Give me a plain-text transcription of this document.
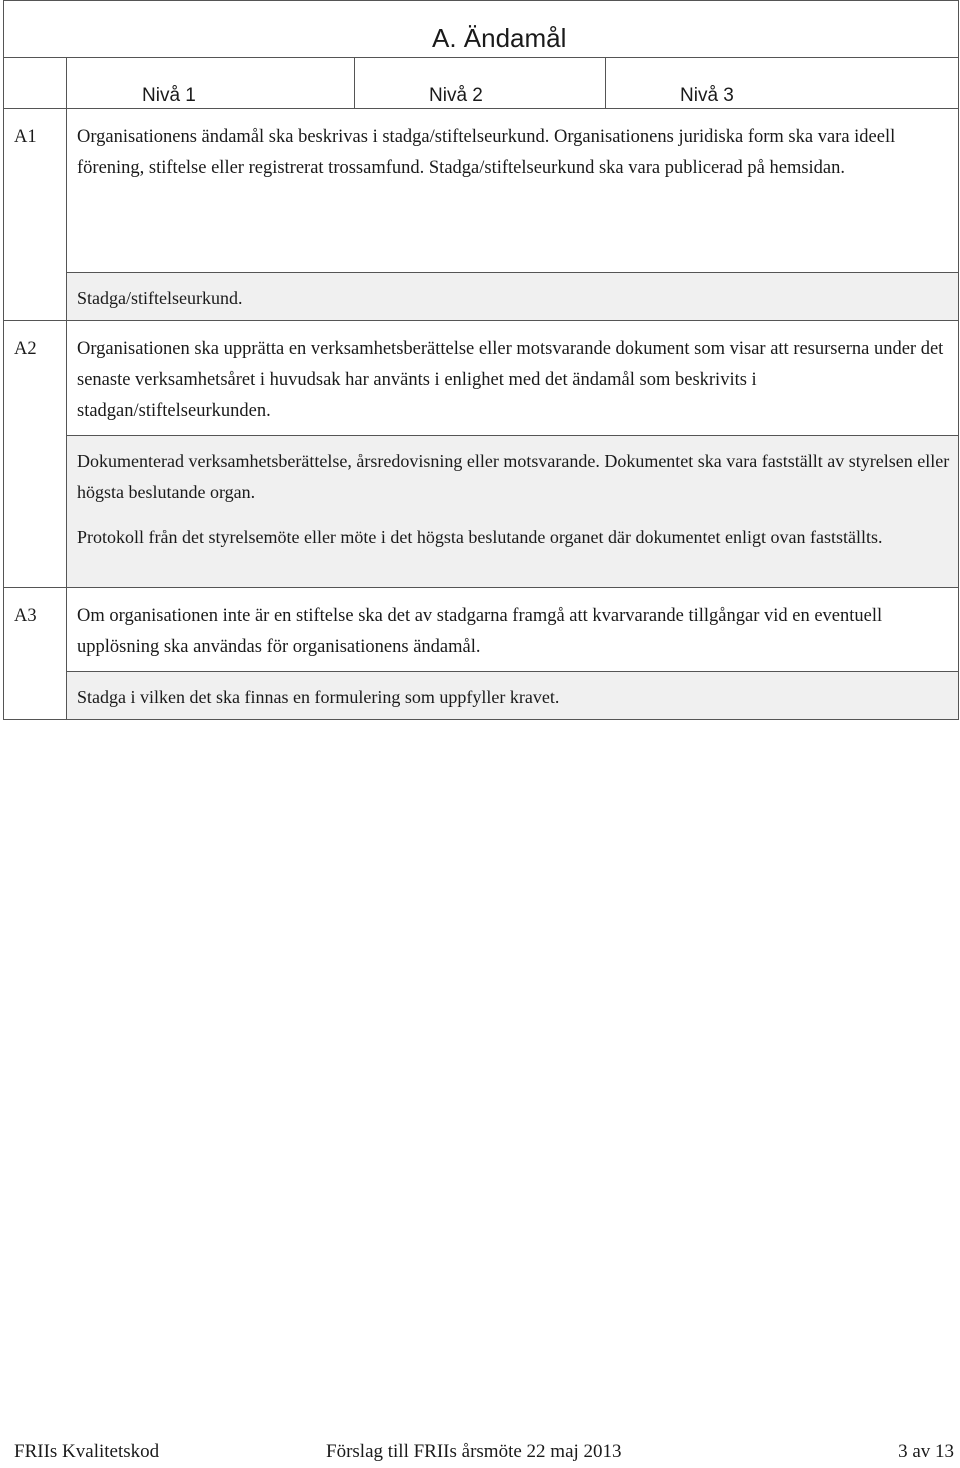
A. Ändamål	

	Nivå 1 Nivå 2 Nivå 3

A1	Organisationens ändamål ska beskrivas i stadga/stiftelseurkund. Organisationens juridiska form ska vara ideell förening, stiftelse eller registrerat trossamfund. Stadga/stiftelseurkund ska vara publicerad på hemsidan.

	Stadga/stiftelseurkund.

A2	Organisationen ska upprätta en verksamhetsberättelse eller motsvarande dokument som visar att resurserna under det senaste verksamhetsåret i huvudsak har använts i enlighet med det ändamål som beskrivits i stadgan/stiftelseurkunden.

	Dokumenterad verksamhetsberättelse, årsredovisning eller motsvarande. Dokumentet ska vara fastställt av styrelsen eller högsta beslutande organ.

Protokoll från det styrelsemöte eller möte i det högsta beslutande organet där dokumentet enligt ovan fastställts.

A3	Om organisationen inte är en stiftelse ska det av stadgarna framgå att kvarvarande tillgångar vid en eventuell upplösning ska användas för organisationens ändamål.

	Stadga i vilken det ska finnas en formulering som uppfyller kravet.

FRIIs Kvalitetskod	Förslag till FRIIs årsmöte 22 maj 2013	3 av 13
